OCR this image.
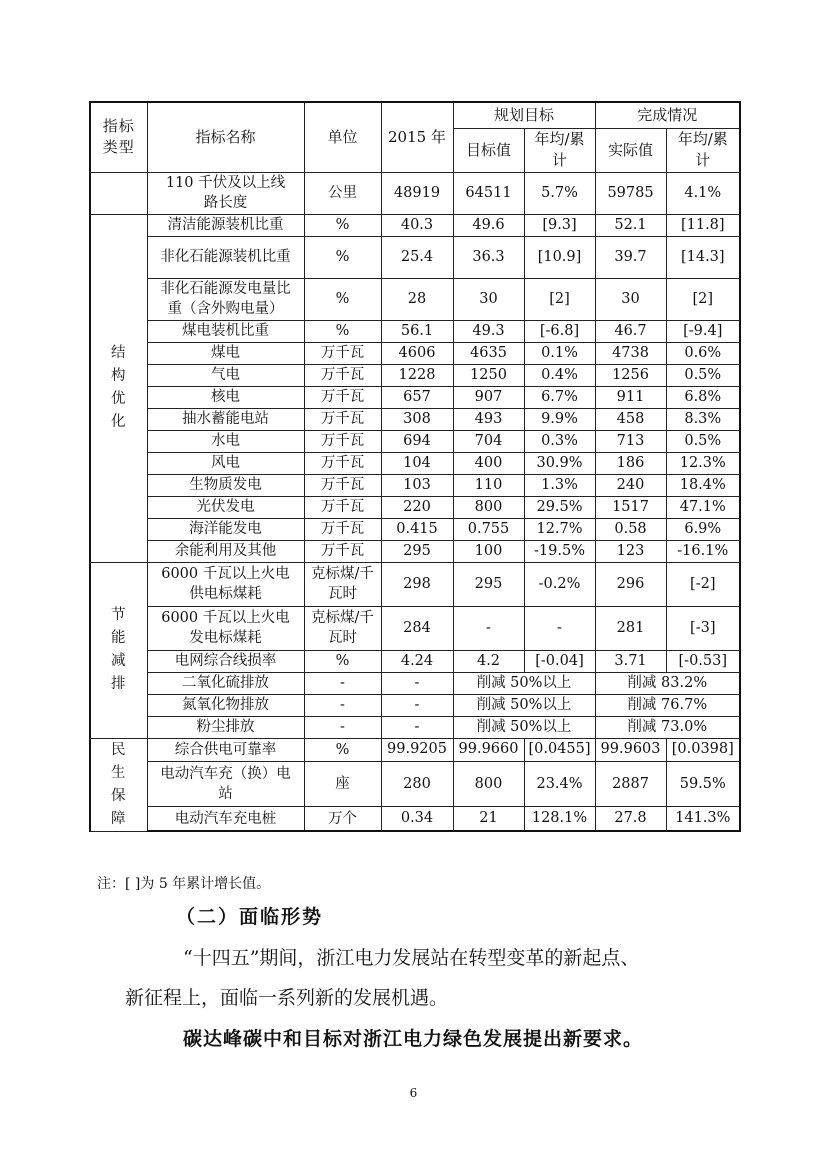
指标类型	指标名称	单位	2015 年	规划目标		完成情况	
				目标值	年均/累计	实际值	年均/累计
	110 千伏及以上线路长度	公里	48919	64511	5.7%	59785	4.1%
结构优化	清洁能源装机比重	%	40.3	49.6	[9.3]	52.1	[11.8]
	非化石能源装机比重	%	25.4	36.3	[10.9]	39.7	[14.3]
	非化石能源发电量比重（含外购电量）	%	28	30	[2]	30	[2]
	煤电装机比重	%	56.1	49.3	[-6.8]	46.7	[-9.4]
	煤电	万千瓦	4606	4635	0.1%	4738	0.6%
	气电	万千瓦	1228	1250	0.4%	1256	0.5%
	核电	万千瓦	657	907	6.7%	911	6.8%
	抽水蓄能电站	万千瓦	308	493	9.9%	458	8.3%
	水电	万千瓦	694	704	0.3%	713	0.5%
	风电	万千瓦	104	400	30.9%	186	12.3%
	生物质发电	万千瓦	103	110	1.3%	240	18.4%
	光伏发电	万千瓦	220	800	29.5%	1517	47.1%
	海洋能发电	万千瓦	0.415	0.755	12.7%	0.58	6.9%
	余能利用及其他	万千瓦	295	100	-19.5%	123	-16.1%
节能减排	6000 千瓦以上火电供电标煤耗	克标煤/千瓦时	298	295	-0.2%	296	[-2]
	6000 千瓦以上火电发电标煤耗	克标煤/千瓦时	284	-	-	281	[-3]
	电网综合线损率	%	4.24	4.2	[-0.04]	3.71	[-0.53]
	二氧化硫排放	-	-	削减 50%以上		削减 83.2%	
	氮氧化物排放	-	-	削减 50%以上		削减 76.7%	
	粉尘排放	-	-	削减 50%以上		削减 73.0%	
民生保障	综合供电可靠率	%	99.9205	99.9660	[0.0455]	99.9603	[0.0398]
	电动汽车充（换）电站	座	280	800	23.4%	2887	59.5%
	电动汽车充电桩	万个	0.34	21	128.1%	27.8	141.3%
注：[ ]为 5 年累计增长值。
（二）面临形势
“十四五”期间，浙江电力发展站在转型变革的新起点、
新征程上，面临一系列新的发展机遇。
碳达峰碳中和目标对浙江电力绿色发展提出新要求。
6
